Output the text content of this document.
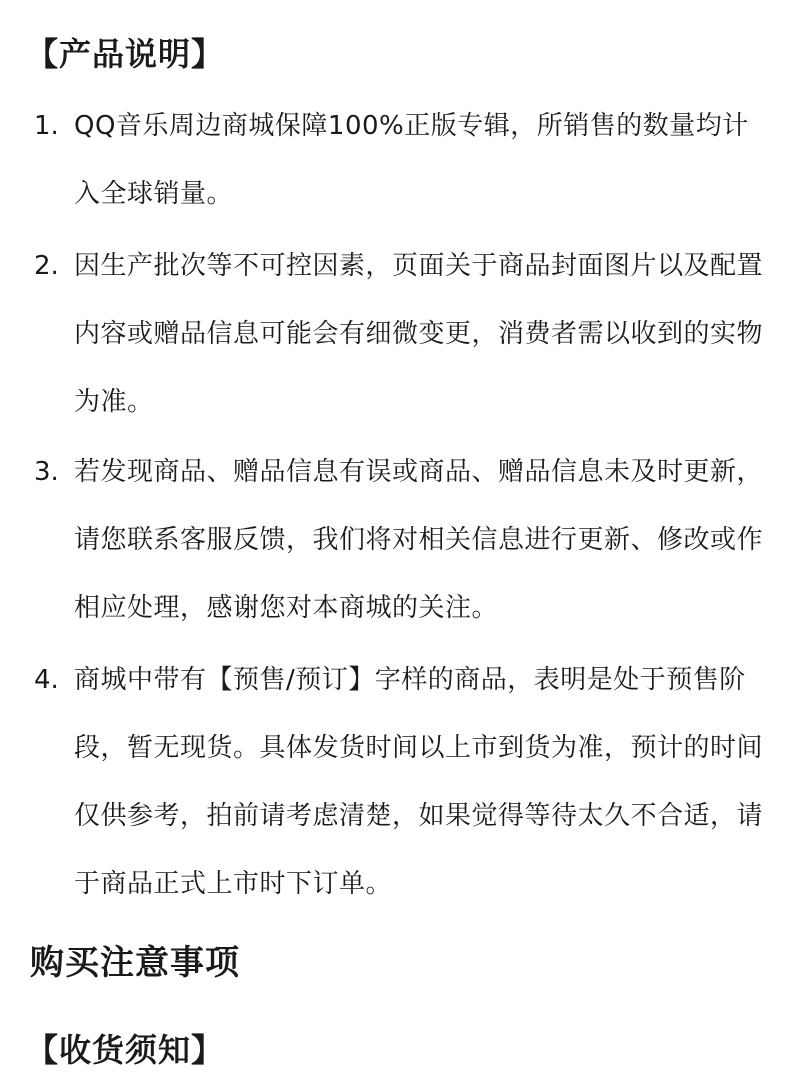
【产品说明】
1. QQ音乐周边商城保障100%正版专辑，所销售的数量均计入全球销量。
2. 因生产批次等不可控因素，页面关于商品封面图片以及配置内容或赠品信息可能会有细微变更，消费者需以收到的实物为准。
3. 若发现商品、赠品信息有误或商品、赠品信息未及时更新，请您联系客服反馈，我们将对相关信息进行更新、修改或作相应处理，感谢您对本商城的关注。
4. 商城中带有【预售/预订】字样的商品，表明是处于预售阶段，暂无现货。具体发货时间以上市到货为准，预计的时间仅供参考，拍前请考虑清楚，如果觉得等待太久不合适，请于商品正式上市时下订单。
购买注意事项
【收货须知】
